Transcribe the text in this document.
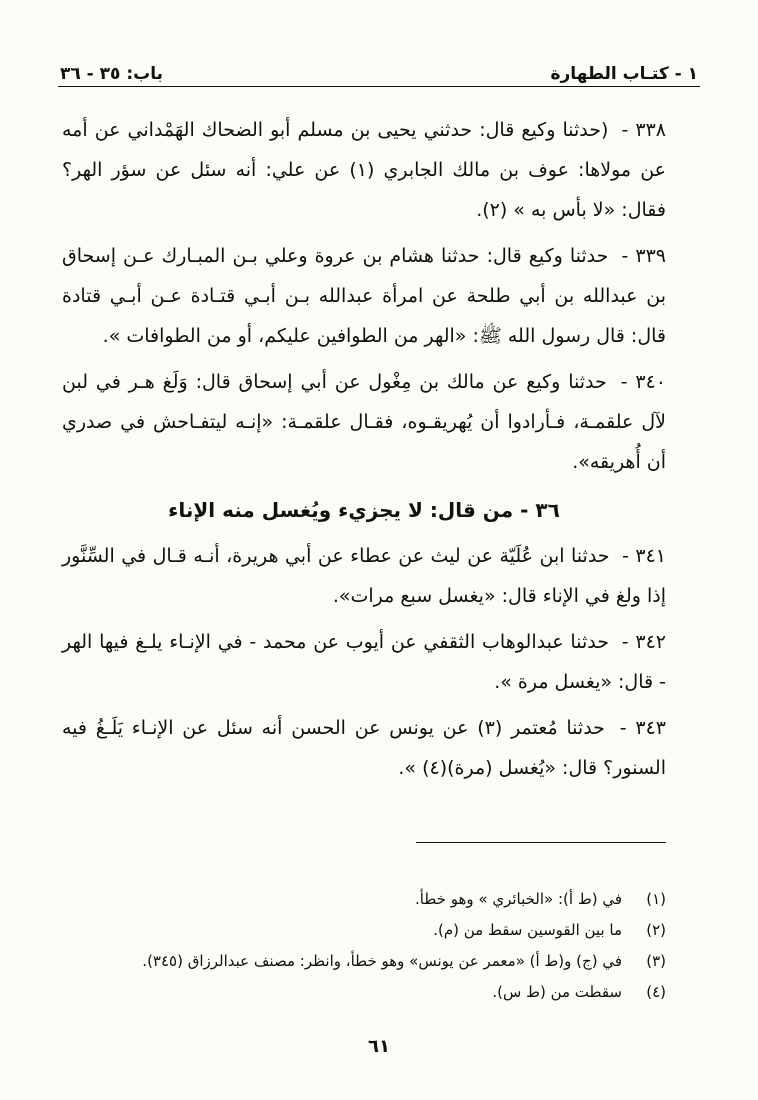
باب: ٣٥ - ٣٦	١ - كتـاب الطهارة

٣٣٨ - (حدثنا وكيع قال: حدثني يحيى بن مسلم أبو الضحاك الهَمْداني عن أمه عن مولاها: عوف بن مالك الجابري (١) عن علي: أنه سئل عن سؤر الهر؟ فقال: «لا بأس به » (٢).

٣٣٩ - حدثنا وكيع قال: حدثنا هشام بن عروة وعلي بـن المبـارك عـن إسحاق بن عبدالله بن أبي طلحة عن امرأة عبدالله بـن أبـي قتـادة عـن أبـي قتادة قال: قال رسول الله ﷺ: «الهر من الطوافين عليكم، أو من الطوافات ».

٣٤٠ - حدثنا وكيع عن مالك بن مِغْول عن أبي إسحاق قال: وَلَغ هـر في لبن لآل علقمـة، فـأرادوا أن يُهريقـوه، فقـال علقمـة: «إنـه ليتفـاحش في صدري أن أُهريقه».

٣٦ - من قال: لا يجزيء ويُغسل منه الإناء

٣٤١ - حدثنا ابن عُلَيّة عن ليث عن عطاء عن أبي هريرة، أنـه قـال في السِّنَّور إذا ولغ في الإناء قال: «يغسل سبع مرات».

٣٤٢ - حدثنا عبدالوهاب الثقفي عن أيوب عن محمد - في الإنـاء يلـغ فيها الهر - قال: «يغسل مرة ».

٣٤٣ - حدثنا مُعتمر (٣) عن يونس عن الحسن أنه سئل عن الإنـاء يَلَـغُ فيه السنور؟ قال: «يُغسل (مرة)(٤) ».

(١)في (ط أ): «الخبائري » وهو خطأ.
(٢)ما بين القوسين سقط من (م).
(٣)في (ج) و(ط أ) «معمر عن يونس» وهو خطأ، وانظر: مصنف عبدالرزاق (٣٤٥).
(٤)سقطت من (ط س).
٦١
